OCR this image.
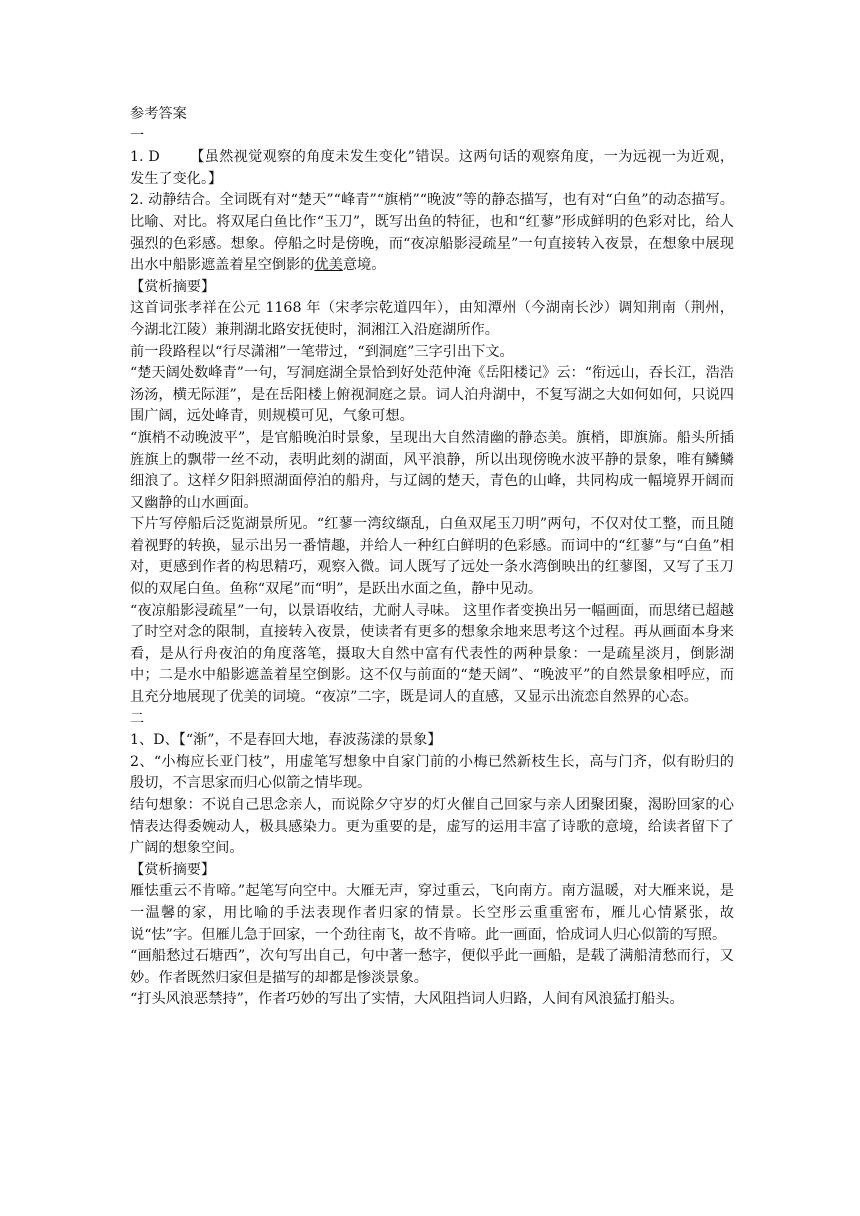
参考答案

一

1. D 【虽然视觉观察的角度未发生变化”错误。这两句话的观察角度，一为远视一为近观，发生了变化。】

2. 动静结合。全词既有对“楚天”“峰青”“旗梢”“晚波”等的静态描写，也有对“白鱼”的动态描写。比喻、对比。将双尾白鱼比作“玉刀”，既写出鱼的特征，也和“红蓼”形成鲜明的色彩对比，给人强烈的色彩感。想象。停船之时是傍晚，而“夜凉船影浸疏星”一句直接转入夜景，在想象中展现出水中船影遮盖着星空倒影的优美意境。

【赏析摘要】

这首词张孝祥在公元 1168 年（宋孝宗乾道四年），由知潭州（今湖南长沙）调知荆南（荆州，今湖北江陵）兼荆湖北路安抚使时，洞湘江入沿庭湖所作。

前一段路程以“行尽潇湘”一笔带过，“到洞庭”三字引出下文。

“楚天阔处数峰青”一句，写洞庭湖全景恰到好处范仲淹《岳阳楼记》云：“衔远山，吞长江，浩浩汤汤，横无际涯”，是在岳阳楼上俯视洞庭之景。词人泊舟湖中，不复写湖之大如何如何，只说四围广阔，远处峰青，则规模可见，气象可想。

“旗梢不动晚波平”，是官船晚泊时景象，呈现出大自然清幽的静态美。旗梢，即旗旆。船头所插旌旗上的飘带一丝不动，表明此刻的湖面，风平浪静，所以出现傍晚水波平静的景象，唯有鳞鳞细浪了。这样夕阳斜照湖面停泊的船舟，与辽阔的楚天，青色的山峰，共同构成一幅境界开阔而又幽静的山水画面。

下片写停船后泛览湖景所见。“红蓼一湾纹缬乱，白鱼双尾玉刀明”两句，不仅对仗工整，而且随着视野的转换，显示出另一番情趣，并给人一种红白鲜明的色彩感。而词中的“红蓼”与“白鱼”相对，更感到作者的构思精巧，观察入微。词人既写了远处一条水湾倒映出的红蓼图，又写了玉刀似的双尾白鱼。鱼称“双尾”而“明”，是跃出水面之鱼，静中见动。

“夜凉船影浸疏星”一句，以景语收结，尤耐人寻味。 这里作者变换出另一幅画面，而思绪已超越了时空对念的限制，直接转入夜景，使读者有更多的想象余地来思考这个过程。再从画面本身来看，是从行舟夜泊的角度落笔，摄取大自然中富有代表性的两种景象：一是疏星淡月，倒影湖中；二是水中船影遮盖着星空倒影。这不仅与前面的“楚天阔”、“晚波平”的自然景象相呼应，而且充分地展现了优美的词境。“夜凉”二字，既是词人的直感，又显示出流恋自然界的心态。

二

1、D、【“渐”，不是春回大地，春波荡漾的景象】

2、“小梅应长亚门枝”，用虚笔写想象中自家门前的小梅已然新枝生长，高与门齐，似有盼归的殷切，不言思家而归心似箭之情毕现。

结句想象：不说自己思念亲人，而说除夕守岁的灯火催自己回家与亲人团聚团聚，渴盼回家的心情表达得委婉动人，极具感染力。更为重要的是，虚写的运用丰富了诗歌的意境，给读者留下了广阔的想象空间。

【赏析摘要】

雁怯重云不肯啼。”起笔写向空中。大雁无声，穿过重云，飞向南方。南方温暖，对大雁来说，是一温馨的家，用比喻的手法表现作者归家的情景。长空彤云重重密布，雁儿心情紧张，故说“怯”字。但雁儿急于回家，一个劲往南飞，故不肯啼。此一画面，恰成词人归心似箭的写照。

“画船愁过石塘西”，次句写出自己，句中著一愁字，便似乎此一画船，是载了满船清愁而行，又妙。作者既然归家但是描写的却都是惨淡景象。

“打头风浪恶禁持”，作者巧妙的写出了实情，大风阻挡词人归路，人间有风浪猛打船头。
